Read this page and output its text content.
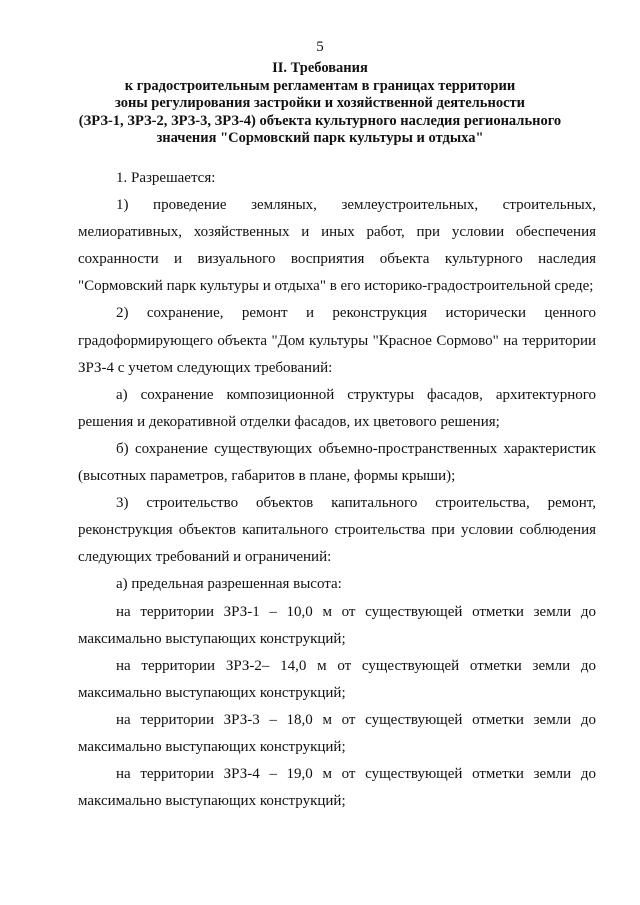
5
II. Требования
к градостроительным регламентам в границах территории
зоны регулирования застройки и хозяйственной деятельности
(ЗРЗ-1, ЗРЗ-2, ЗРЗ-3, ЗРЗ-4) объекта культурного наследия регионального
значения "Сормовский парк культуры и отдыха"

1. Разрешается:

1) проведение земляных, землеустроительных, строительных, мелиоративных, хозяйственных и иных работ, при условии обеспечения сохранности и визуального восприятия объекта культурного наследия "Сормовский парк культуры и отдыха" в его историко-градостроительной среде;

2) сохранение, ремонт и реконструкция исторически ценного градоформирующего объекта "Дом культуры "Красное Сормово" на территории ЗРЗ-4 с учетом следующих требований:

а) сохранение композиционной структуры фасадов, архитектурного решения и декоративной отделки фасадов, их цветового решения;

б) сохранение существующих объемно-пространственных характеристик (высотных параметров, габаритов в плане, формы крыши);

3) строительство объектов капитального строительства, ремонт, реконструкция объектов капитального строительства при условии соблюдения следующих требований и ограничений:

а) предельная разрешенная высота:

на территории ЗРЗ-1 – 10,0 м от существующей отметки земли до максимально выступающих конструкций;

на территории ЗРЗ-2– 14,0 м от существующей отметки земли до максимально выступающих конструкций;

на территории ЗРЗ-3 – 18,0 м от существующей отметки земли до максимально выступающих конструкций;

на территории ЗРЗ-4 – 19,0 м от существующей отметки земли до максимально выступающих конструкций;
